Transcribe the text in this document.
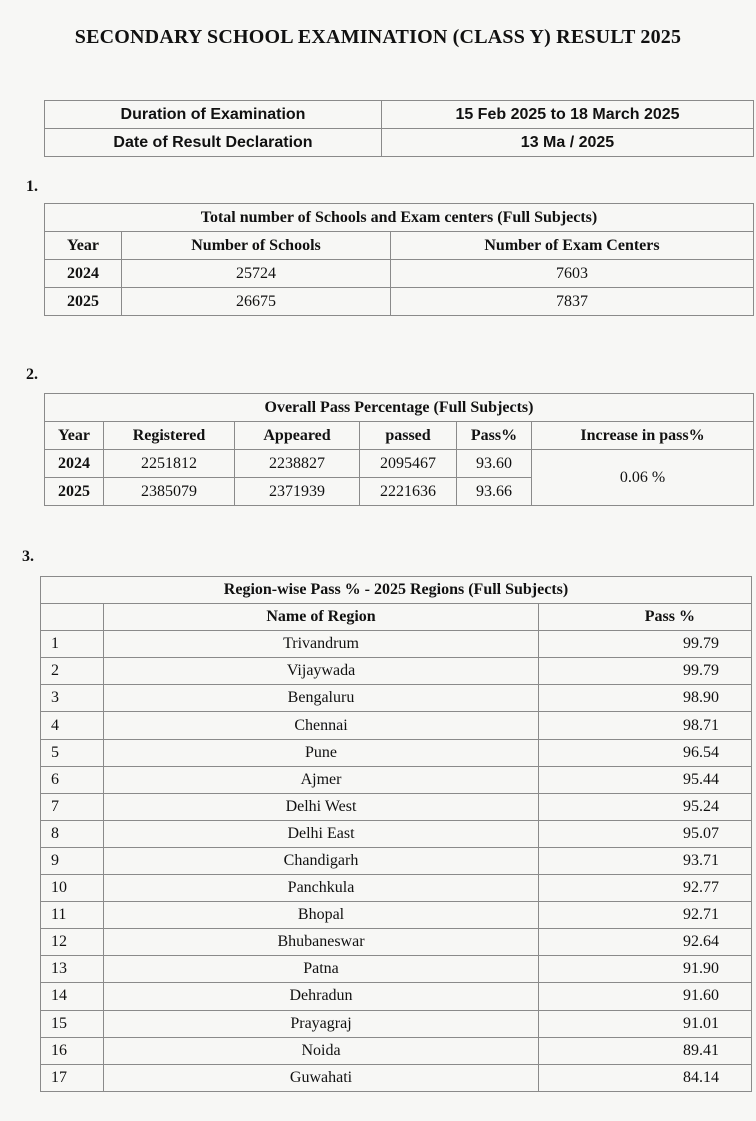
SECONDARY SCHOOL EXAMINATION (CLASS Y) RESULT 2025
Duration of Examination	15 Feb 2025 to 18 March 2025
Date of Result Declaration	13 Ma / 2025
1.
Total number of Schools and Exam centers (Full Subjects)		
Year	Number of Schools	Number of Exam Centers
2024	25724	7603
2025	26675	7837
2.
Overall Pass Percentage (Full Subjects)					
Year	Registered	Appeared	passed	Pass%	Increase in pass%
2024	2251812	2238827	2095467	93.60	0.06 %
2025	2385079	2371939	2221636	93.66	
3.
Region-wise Pass % - 2025 Regions (Full Subjects)		
	Name of Region	Pass %
1	Trivandrum	99.79
2	Vijaywada	99.79
3	Bengaluru	98.90
4	Chennai	98.71
5	Pune	96.54
6	Ajmer	95.44
7	Delhi West	95.24
8	Delhi East	95.07
9	Chandigarh	93.71
10	Panchkula	92.77
11	Bhopal	92.71
12	Bhubaneswar	92.64
13	Patna	91.90
14	Dehradun	91.60
15	Prayagraj	91.01
16	Noida	89.41
17	Guwahati	84.14
